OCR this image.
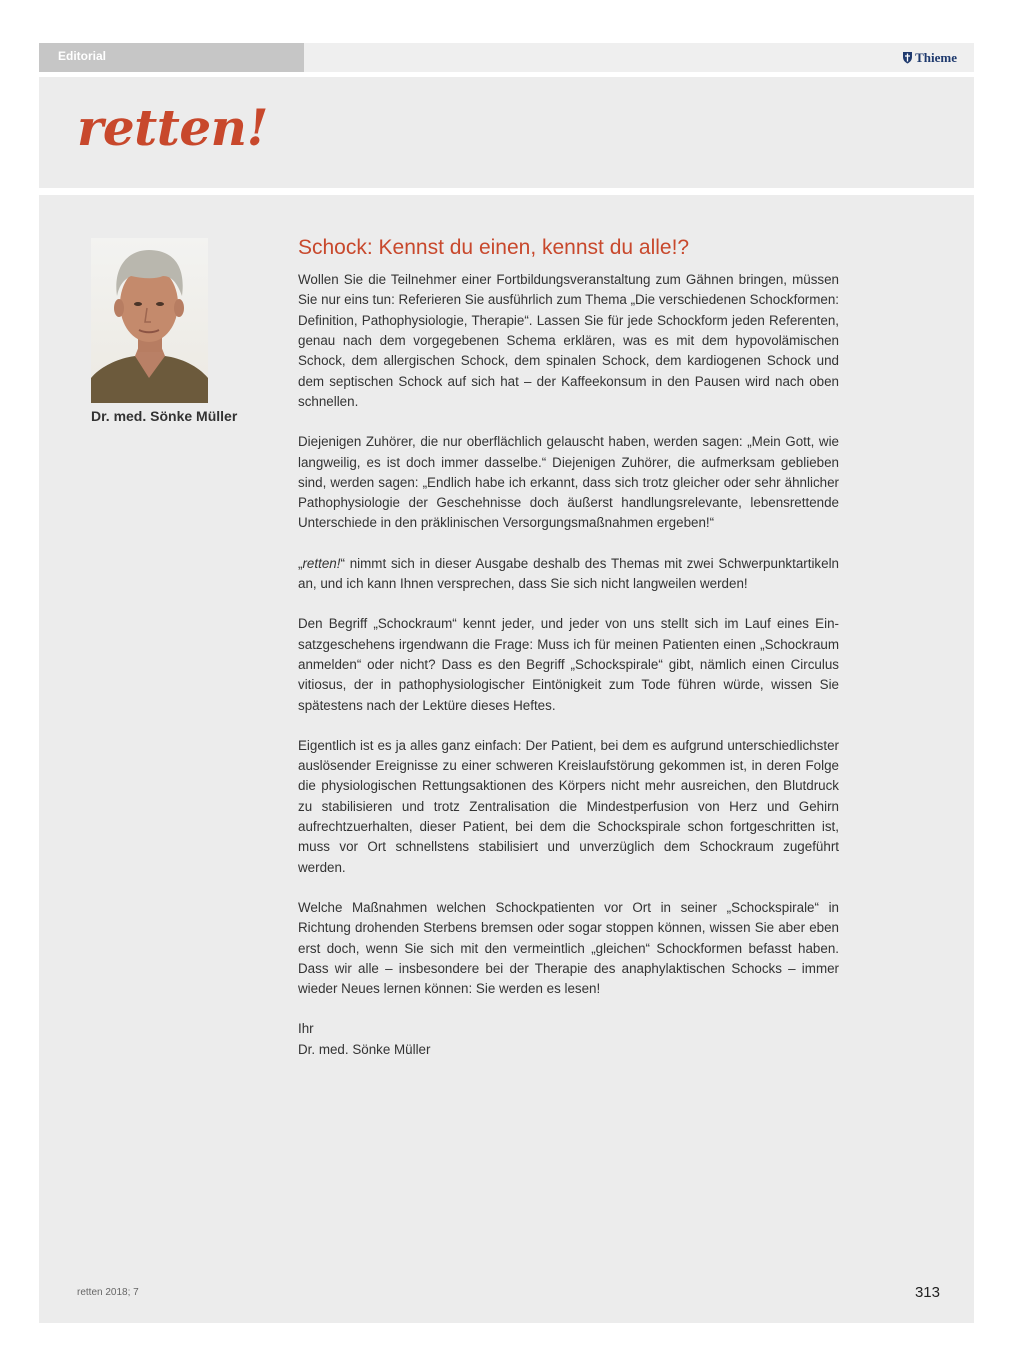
Editorial	Thieme
retten!
Dr. med. Sönke Müller
Schock: Kennst du einen, kennst du alle!?

Wollen Sie die Teilnehmer einer Fortbildungsveranstaltung zum Gähnen bringen, müssen Sie nur eins tun: Referieren Sie ausführlich zum Thema „Die verschiedenen Schockformen: Definition, Pathophysiologie, Therapie“. Lassen Sie für jede Schockform jeden Referenten, genau nach dem vorgegebenen Schema erklären, was es mit dem hypovolämischen Schock, dem allergischen Schock, dem spinalen Schock, dem kardiogenen Schock und dem septischen Schock auf sich hat – der Kaffeekonsum in den Pausen wird nach oben schnellen.

Diejenigen Zuhörer, die nur oberflächlich gelauscht haben, werden sagen: „Mein Gott, wie langweilig, es ist doch immer dasselbe.“ Diejenigen Zuhörer, die aufmerksam geblieben sind, werden sagen: „Endlich habe ich erkannt, dass sich trotz gleicher oder sehr ähnlicher Pathophysiologie der Geschehnisse doch äußerst handlungsrelevante, lebensrettende Unterschiede in den präklinischen Versorgungsmaßnahmen ergeben!“

„retten!“ nimmt sich in dieser Ausgabe deshalb des Themas mit zwei Schwerpunktartikeln an, und ich kann Ihnen versprechen, dass Sie sich nicht langweilen werden!

Den Begriff „Schockraum“ kennt jeder, und jeder von uns stellt sich im Lauf eines Einsatzgeschehens irgendwann die Frage: Muss ich für meinen Patienten einen „Schockraum anmelden“ oder nicht? Dass es den Begriff „Schockspirale“ gibt, nämlich einen Circulus vitiosus, der in pathophysiologischer Eintönigkeit zum Tode führen würde, wissen Sie spätestens nach der Lektüre dieses Heftes.

Eigentlich ist es ja alles ganz einfach: Der Patient, bei dem es aufgrund unterschiedlichster auslösender Ereignisse zu einer schweren Kreislaufstörung gekommen ist, in deren Folge die physiologischen Rettungsaktionen des Körpers nicht mehr ausreichen, den Blutdruck zu stabilisieren und trotz Zentralisation die Mindestperfusion von Herz und Gehirn aufrechtzuerhalten, dieser Patient, bei dem die Schockspirale schon fortgeschritten ist, muss vor Ort schnellstens stabilisiert und unverzüglich dem Schockraum zugeführt werden.

Welche Maßnahmen welchen Schockpatienten vor Ort in seiner „Schockspirale“ in Richtung drohenden Sterbens bremsen oder sogar stoppen können, wissen Sie aber eben erst doch, wenn Sie sich mit den vermeintlich „gleichen“ Schockformen befasst haben. Dass wir alle – insbesondere bei der Therapie des anaphylaktischen Schocks – immer wieder Neues lernen können: Sie werden es lesen!

Ihr
Dr. med. Sönke Müller

retten 2018; 7	313
